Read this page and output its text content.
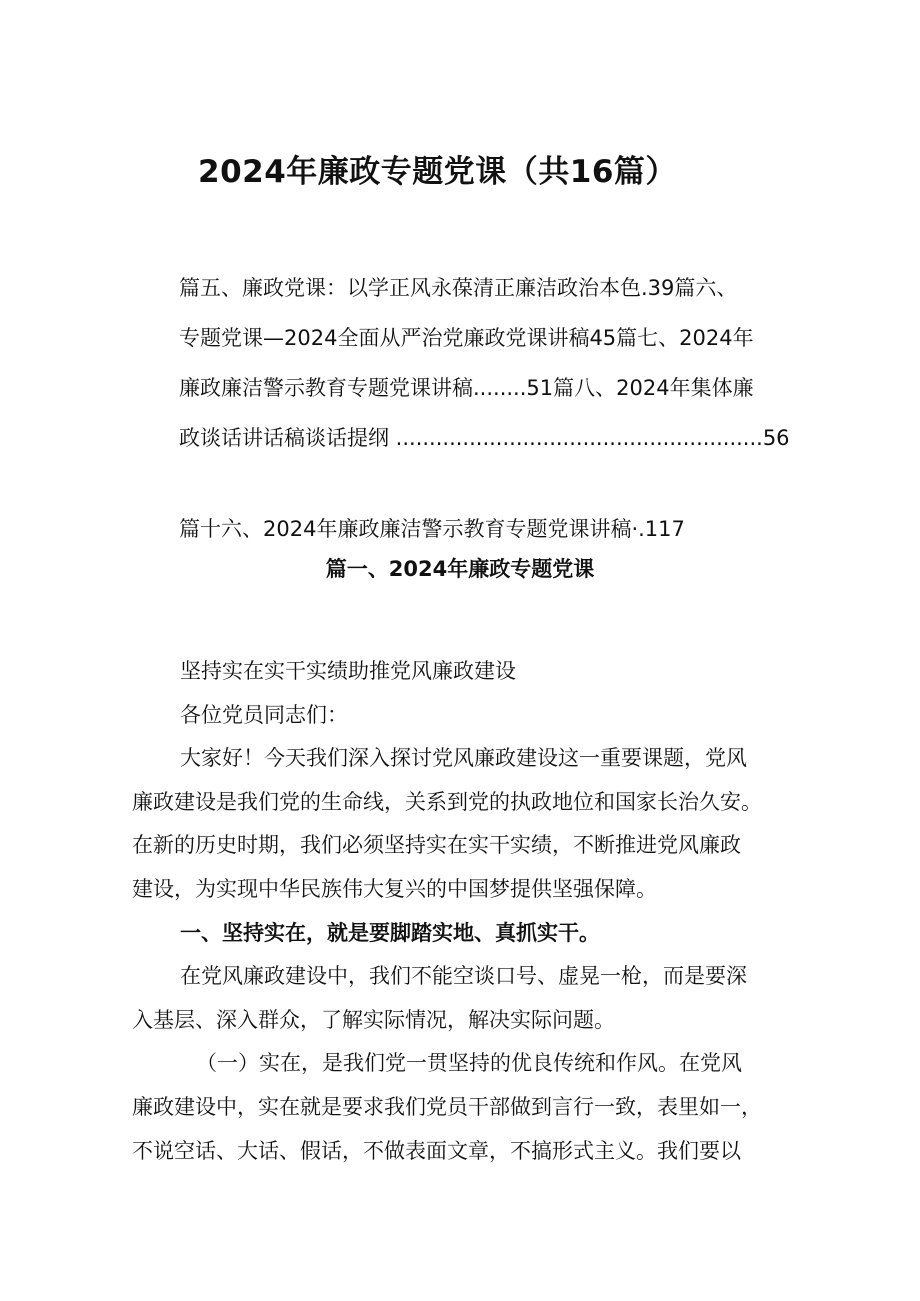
2024年廉政专题党课（共16篇）
篇五、廉政党课：以学正风永葆清正廉洁政治本色.39篇六、
专题党课—2024全面从严治党廉政党课讲稿45篇七、2024年
廉政廉洁警示教育专题党课讲稿........51篇八、2024年集体廉
政谈话讲话稿谈话提纲 .......................................................56
篇十六、2024年廉政廉洁警示教育专题党课讲稿·.117
篇一、2024年廉政专题党课
坚持实在实干实绩助推党风廉政建设
各位党员同志们：
大家好！今天我们深入探讨党风廉政建设这一重要课题，党风
廉政建设是我们党的生命线，关系到党的执政地位和国家长治久安。
在新的历史时期，我们必须坚持实在实干实绩，不断推进党风廉政
建设，为实现中华民族伟大复兴的中国梦提供坚强保障。
一、坚持实在，就是要脚踏实地、真抓实干。
在党风廉政建设中，我们不能空谈口号、虚晃一枪，而是要深
入基层、深入群众，了解实际情况，解决实际问题。
（一）实在，是我们党一贯坚持的优良传统和作风。在党风
廉政建设中，实在就是要求我们党员干部做到言行一致，表里如一，
不说空话、大话、假话，不做表面文章，不搞形式主义。我们要以
